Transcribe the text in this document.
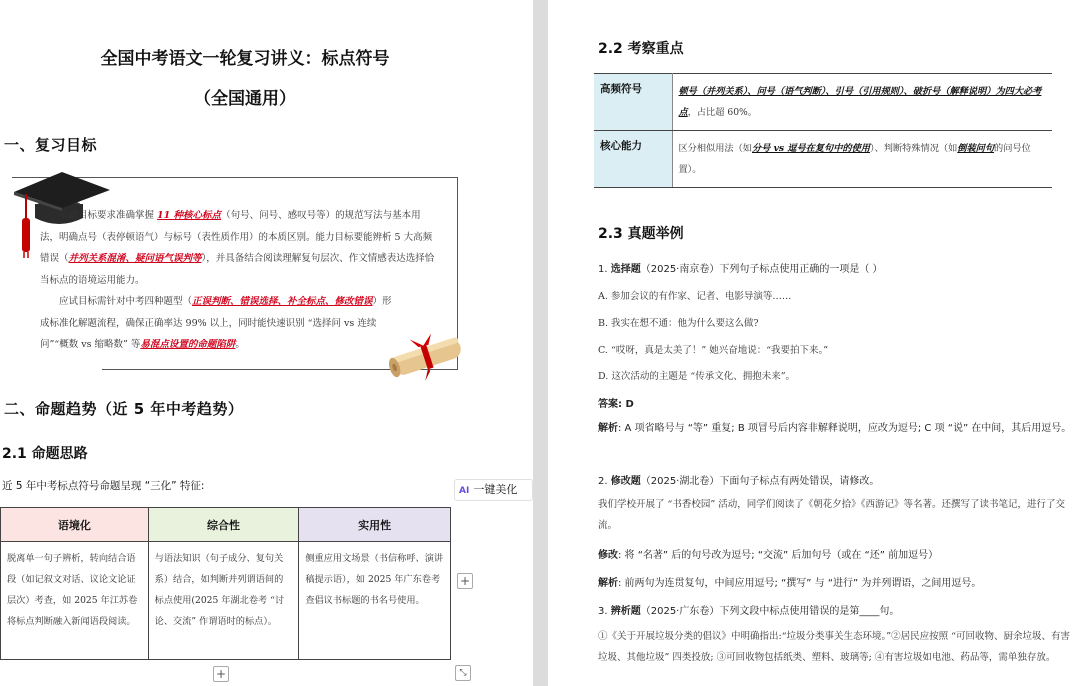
全国中考语文一轮复习讲义：标点符号
（全国通用）
一、复习目标

基础目标要求准确掌握 11 种核心标点（句号、问号、感叹号等）的规范写法与基本用法，明确点号（表停顿语气）与标号（表性质作用）的本质区别。能力目标要能辨析 5 大高频错误（并列关系混淆、疑问语气误判等），并具备结合阅读理解复句层次、作文情感表达选择恰当标点的语境运用能力。

应试目标需针对中考四种题型（正误判断、错误选择、补全标点、修改错误）形成标准化解题流程，确保正确率达 99% 以上，同时能快速识别 “选择问 vs 连续问”“概数 vs 缩略数” 等易混点设置的命题陷阱。

二、命题趋势（近 5 年中考趋势）
2.1 命题思路
近 5 年中考标点符号命题呈现 “三化” 特征:
语境化	综合性	实用性
脱离单一句子辨析，转向结合语段（如记叙文对话、议论文论证层次）考查，如 2025 年江苏卷将标点判断融入新闻语段阅读。	与语法知识（句子成分、复句关系）结合，如判断并列谓语间的标点使用(2025 年湖北卷考 “讨论、交流” 作谓语时的标点）。	侧重应用文场景（书信称呼、演讲稿提示语），如 2025 年广东卷考查倡议书标题的书名号使用。
AI 一键美化
+
+	⤡
2.2 考察重点
高频符号	顿号（并列关系）、问号（语气判断）、引号（引用规则）、破折号（解释说明）为四大必考点，占比超 60%。
核心能力	区分相似用法（如分号 vs 逗号在复句中的使用）、判断特殊情况（如倒装问句的问号位置）。
2.3 真题举例
1. 选择题（2025·南京卷）下列句子标点使用正确的一项是（ ）
A. 参加会议的有作家、记者、电影导演等……
B. 我实在想不通：他为什么要这么做?
C. “哎呀，真是太美了！” 她兴奋地说：“我要拍下来。”
D. 这次活动的主题是 “传承文化、拥抱未来”。
答案: D
解析: A 项省略号与 “等” 重复; B 项冒号后内容非解释说明，应改为逗号; C 项 “说” 在中间，其后用逗号。
2. 修改题（2025·湖北卷）下面句子标点有两处错误，请修改。
我们学校开展了 “书香校园” 活动，同学们阅读了《朝花夕拾》《西游记》等名著。还撰写了读书笔记，进行了交流。
修改: 将 “名著” 后的句号改为逗号; “交流” 后加句号（或在 “还” 前加逗号）
解析: 前两句为连贯复句，中间应用逗号; “撰写” 与 “进行” 为并列谓语，之间用逗号。
3. 辨析题（2025·广东卷）下列文段中标点使用错误的是第____句。
①《关于开展垃圾分类的倡议》中明确指出:“垃圾分类事关生态环境。”②居民应按照 “可回收物、厨余垃圾、有害垃圾、其他垃圾” 四类投放; ③可回收物包括纸类、塑料、玻璃等; ④有害垃圾如电池、药品等，需单独存放。
